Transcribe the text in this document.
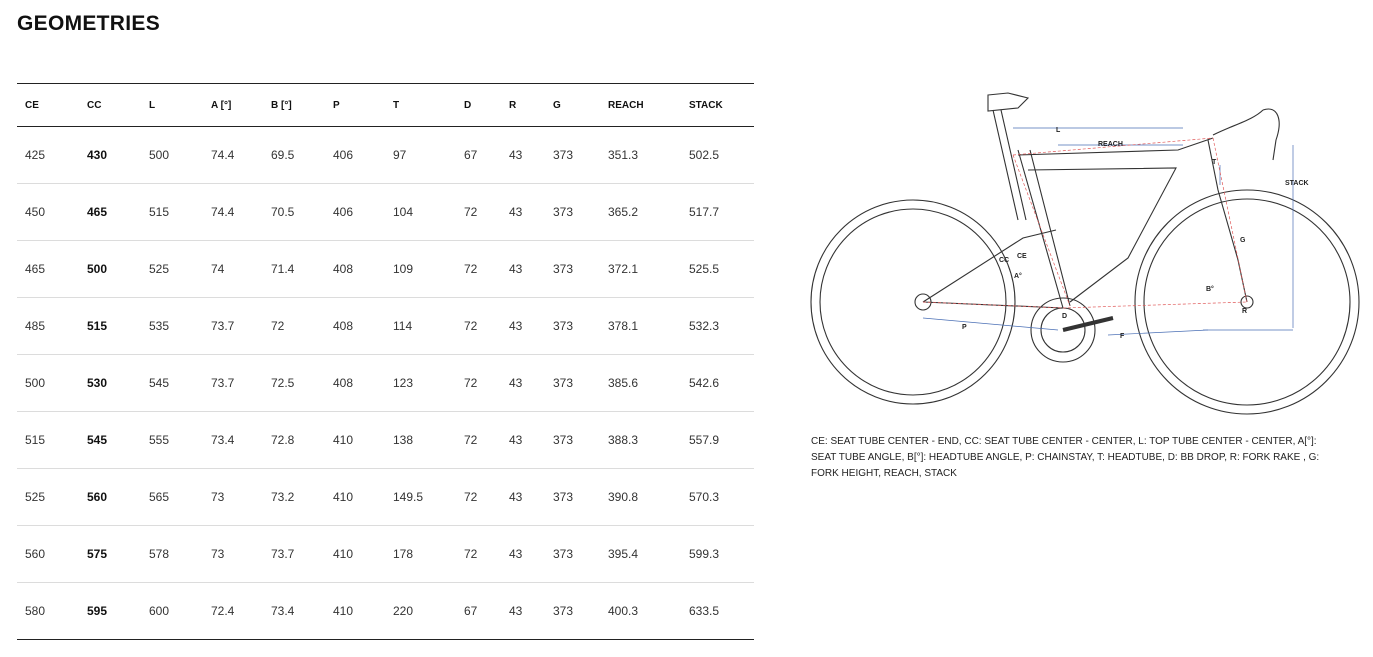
GEOMETRIES
CE	CC	L	A [°]	B [°]	P	T	D	R	G	REACH	STACK
425	430	500	74.4	69.5	406	97	67	43	373	351.3	502.5
450	465	515	74.4	70.5	406	104	72	43	373	365.2	517.7
465	500	525	74	71.4	408	109	72	43	373	372.1	525.5
485	515	535	73.7	72	408	114	72	43	373	378.1	532.3
500	530	545	73.7	72.5	408	123	72	43	373	385.6	542.6
515	545	555	73.4	72.8	410	138	72	43	373	388.3	557.9
525	560	565	73	73.2	410	149.5	72	43	373	390.8	570.3
560	575	578	73	73.7	410	178	72	43	373	395.4	599.3
580	595	600	72.4	73.4	410	220	67	43	373	400.3	633.5
L
REACH
STACK
T
G
CC
CE
A°
B°
D
R
P
F

CE: SEAT TUBE CENTER - END, CC: SEAT TUBE CENTER - CENTER, L: TOP TUBE CENTER - CENTER, A[°]: SEAT TUBE ANGLE, B[°]: HEADTUBE ANGLE, P: CHAINSTAY, T: HEADTUBE, D: BB DROP, R: FORK RAKE , G: FORK HEIGHT, REACH, STACK
